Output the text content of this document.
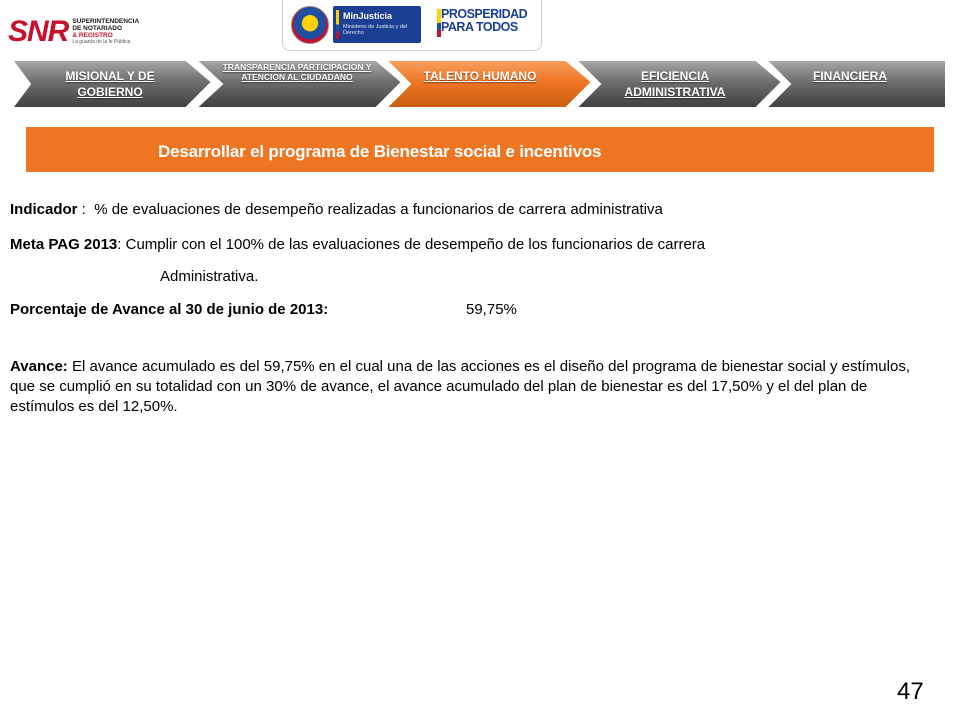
SNR SUPERINTENDENCIA
DE NOTARIADO
& REGISTRO
La guarda de la fe Pública
MinJusticia
Ministerio de Justicia y del Derecho
PROSPERIDAD
PARA TODOS
MISIONAL Y DE GOBIERNO
TRANSPARENCIA PARTICIPACION Y ATENCION AL CIUDADANO	TALENTO HUMANO	EFICIENCIA ADMINISTRATIVA
FINANCIERA
Desarrollar el programa de Bienestar social e incentivos
Indicador :  % de evaluaciones de desempeño realizadas a funcionarios de carrera administrativa
Meta PAG 2013: Cumplir con el 100% de las evaluaciones de desempeño de los funcionarios de carrera
Administrativa.
Porcentaje de Avance al 30 de junio de 2013:	59,75%
Avance: El avance acumulado es del 59,75% en el cual una de las acciones es el diseño del programa de bienestar social y estímulos, que se cumplió en su totalidad con un 30% de avance, el avance acumulado del plan de bienestar es del 17,50% y el del plan de estímulos es del 12,50%.
47
